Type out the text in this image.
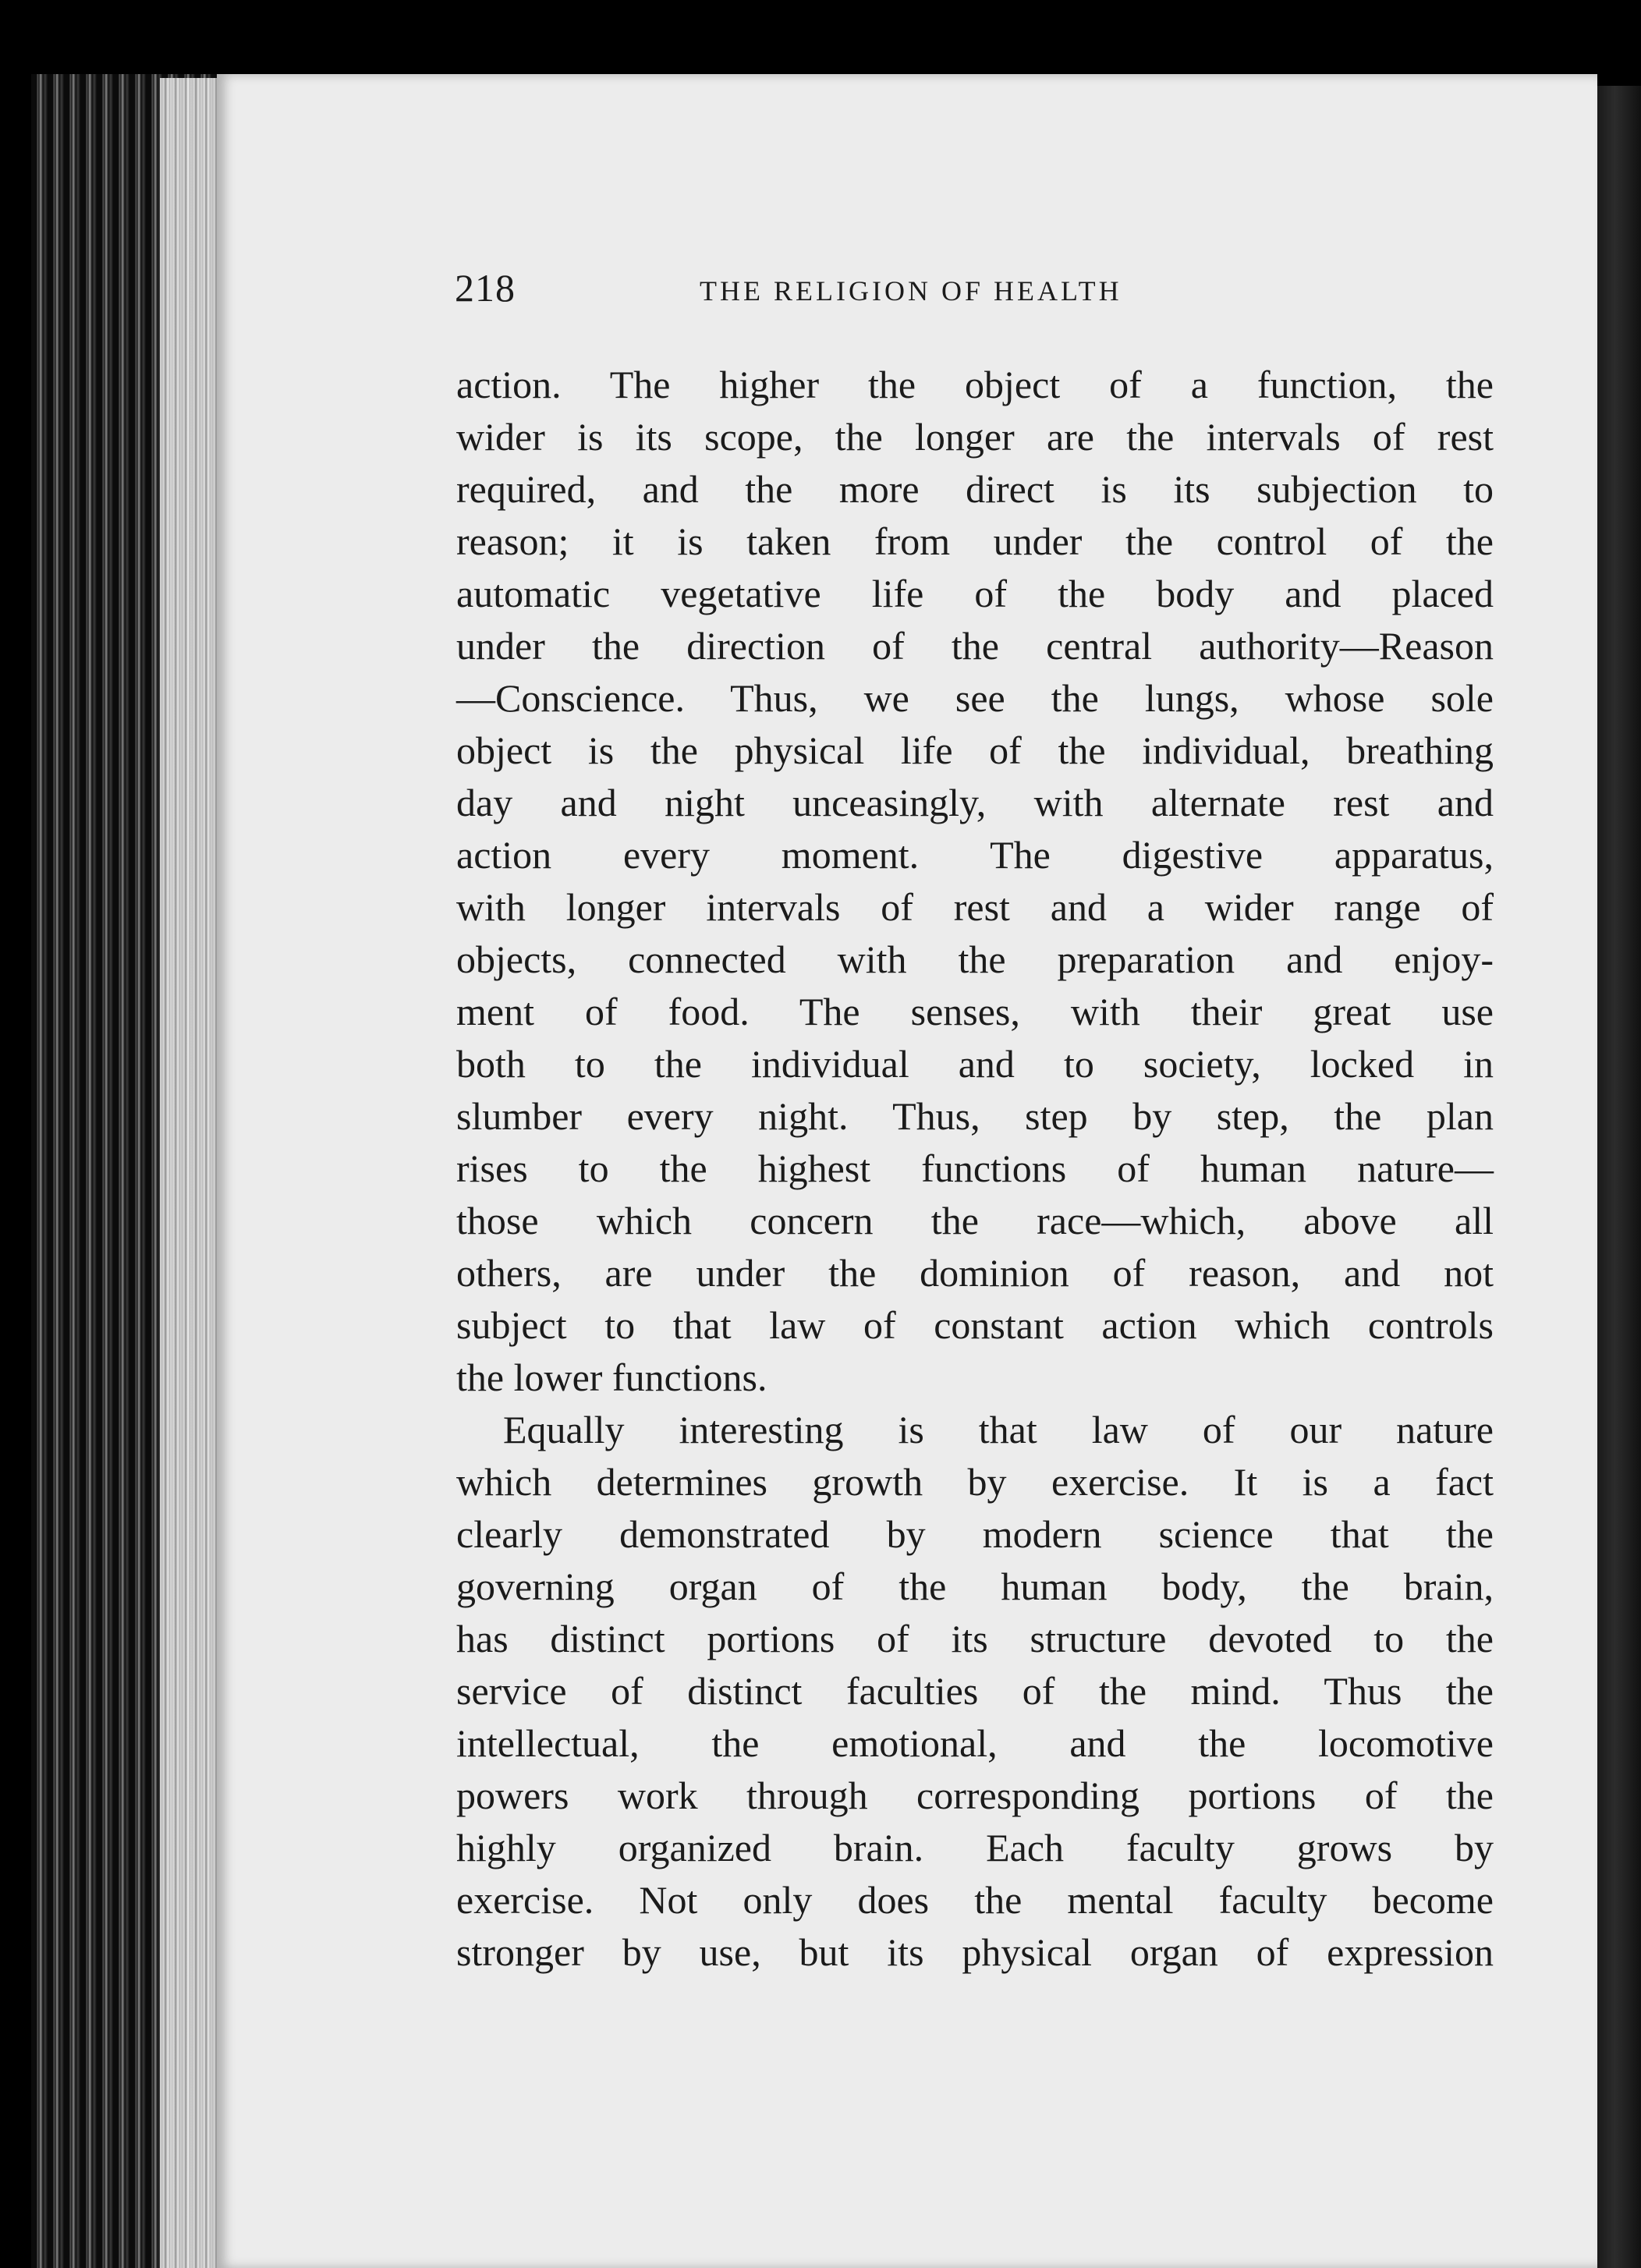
218	THE RELIGION OF HEALTH
action. The higher the object of a function, the
wider is its scope, the longer are the intervals of rest
required, and the more direct is its subjection to
reason; it is taken from under the control of the
automatic vegetative life of the body and placed
under the direction of the central authority—Reason
—Conscience. Thus, we see the lungs, whose sole
object is the physical life of the individual, breathing
day and night unceasingly, with alternate rest and
action every moment. The digestive apparatus,
with longer intervals of rest and a wider range of
objects, connected with the preparation and enjoy-
ment of food. The senses, with their great use
both to the individual and to society, locked in
slumber every night. Thus, step by step, the plan
rises to the highest functions of human nature—
those which concern the race—which, above all
others, are under the dominion of reason, and not
subject to that law of constant action which controls
the lower functions.
Equally interesting is that law of our nature
which determines growth by exercise. It is a fact
clearly demonstrated by modern science that the
governing organ of the human body, the brain,
has distinct portions of its structure devoted to the
service of distinct faculties of the mind. Thus the
intellectual, the emotional, and the locomotive
powers work through corresponding portions of the
highly organized brain. Each faculty grows by
exercise. Not only does the mental faculty become
stronger by use, but its physical organ of expression
